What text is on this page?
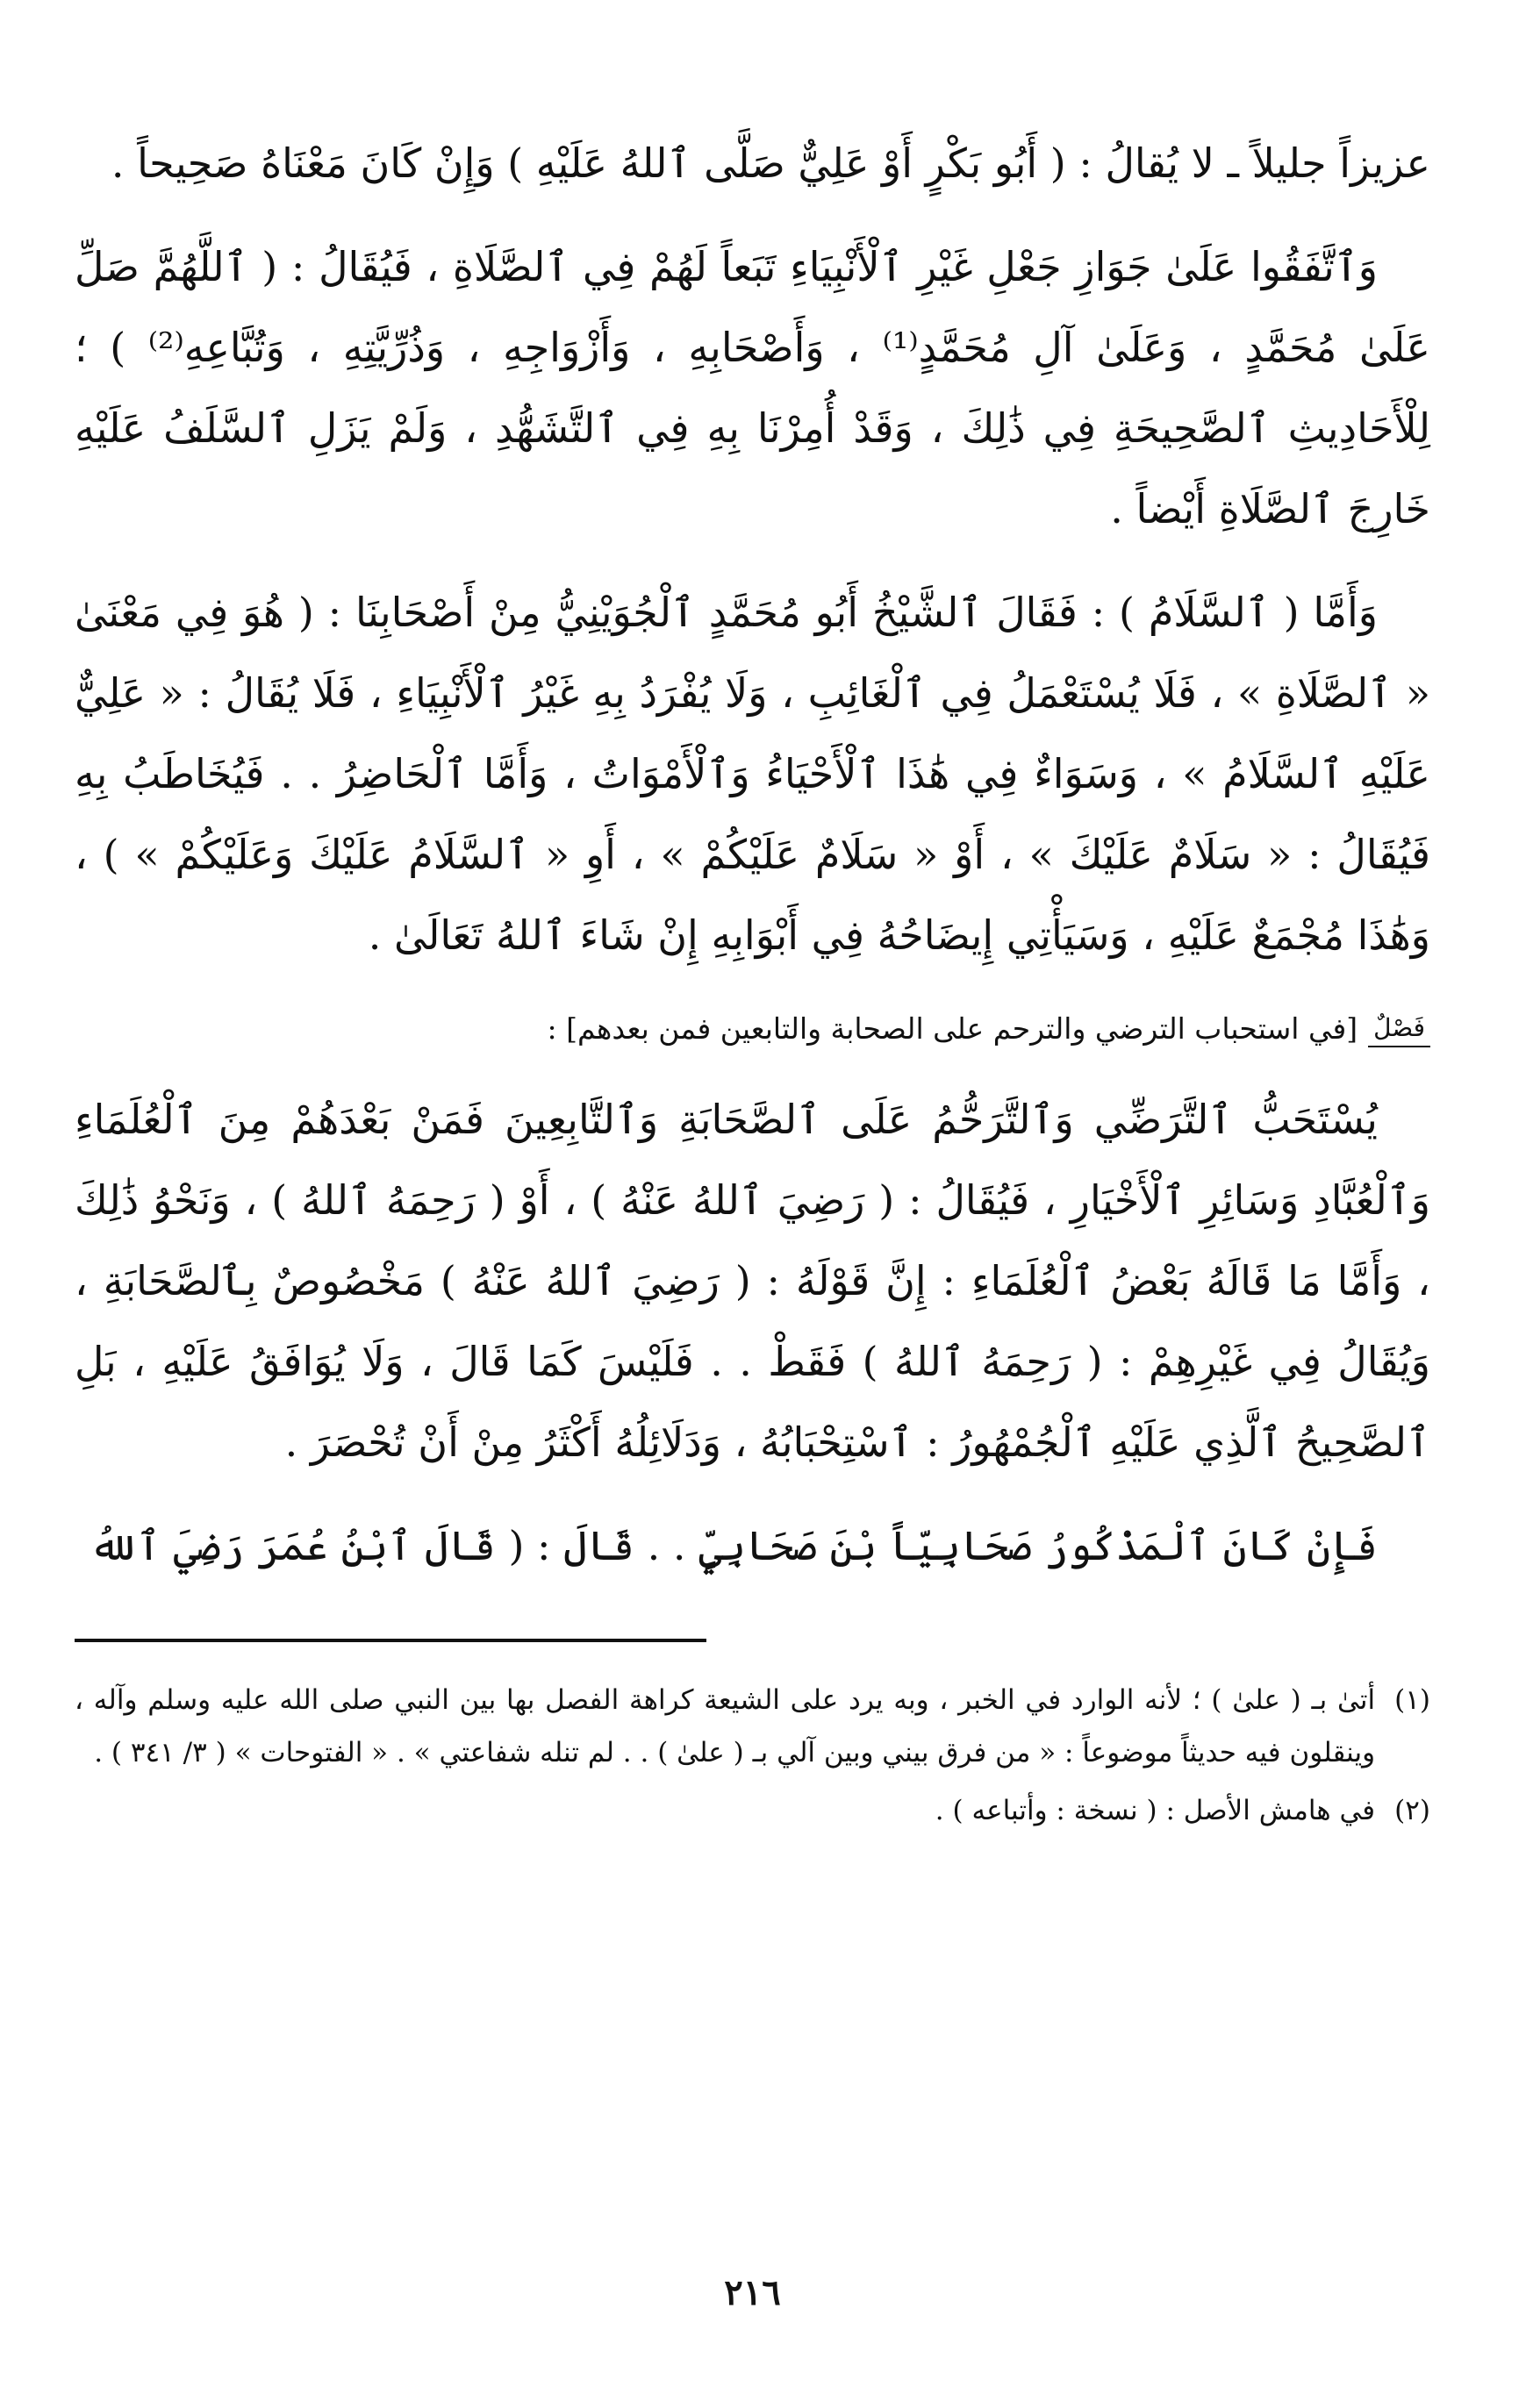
عزيزاً جليلاً ـ لا يُقالُ : ( أَبُو بَكْرٍ أَوْ عَلِيٌّ صَلَّى ٱللهُ عَلَيْهِ ) وَإِنْ كَانَ مَعْنَاهُ صَحِيحاً .

وَٱتَّفَقُوا عَلَىٰ جَوَازِ جَعْلِ غَيْرِ ٱلْأَنْبِيَاءِ تَبَعاً لَهُمْ فِي ٱلصَّلَاةِ ، فَيُقَالُ : ( ٱللَّهُمَّ صَلِّ عَلَىٰ مُحَمَّدٍ ، وَعَلَىٰ آلِ مُحَمَّدٍ⁽¹⁾ ، وَأَصْحَابِهِ ، وَأَزْوَاجِهِ ، وَذُرِّيَّتِهِ ، وَتُبَّاعِهِ⁽²⁾ ) ؛ لِلْأَحَادِيثِ ٱلصَّحِيحَةِ فِي ذَٰلِكَ ، وَقَدْ أُمِرْنَا بِهِ فِي ٱلتَّشَهُّدِ ، وَلَمْ يَزَلِ ٱلسَّلَفُ عَلَيْهِ خَارِجَ ٱلصَّلَاةِ أَيْضاً .

وَأَمَّا ( ٱلسَّلَامُ ) : فَقَالَ ٱلشَّيْخُ أَبُو مُحَمَّدٍ ٱلْجُوَيْنِيُّ مِنْ أَصْحَابِنَا : ( هُوَ فِي مَعْنَىٰ « ٱلصَّلَاةِ » ، فَلَا يُسْتَعْمَلُ فِي ٱلْغَائِبِ ، وَلَا يُفْرَدُ بِهِ غَيْرُ ٱلْأَنْبِيَاءِ ، فَلَا يُقَالُ : « عَلِيٌّ عَلَيْهِ ٱلسَّلَامُ » ، وَسَوَاءٌ فِي هَٰذَا ٱلْأَحْيَاءُ وَٱلْأَمْوَاتُ ، وَأَمَّا ٱلْحَاضِرُ . . فَيُخَاطَبُ بِهِ فَيُقَالُ : « سَلَامٌ عَلَيْكَ » ، أَوْ « سَلَامٌ عَلَيْكُمْ » ، أَوِ « ٱلسَّلَامُ عَلَيْكَ وَعَلَيْكُمْ » ) ، وَهَٰذَا مُجْمَعٌ عَلَيْهِ ، وَسَيَأْتِي إِيضَاحُهُ فِي أَبْوَابِهِ إِنْ شَاءَ ٱللهُ تَعَالَىٰ .

فَصْلٌ
[في استحباب الترضي والترحم على الصحابة والتابعين فمن بعدهم] :

يُسْتَحَبُّ ٱلتَّرَضِّي وَٱلتَّرَحُّمُ عَلَى ٱلصَّحَابَةِ وَٱلتَّابِعِينَ فَمَنْ بَعْدَهُمْ مِنَ ٱلْعُلَمَاءِ وَٱلْعُبَّادِ وَسَائِرِ ٱلْأَخْيَارِ ، فَيُقَالُ : ( رَضِيَ ٱللهُ عَنْهُ ) ، أَوْ ( رَحِمَهُ ٱللهُ ) ، وَنَحْوُ ذَٰلِكَ ، وَأَمَّا مَا قَالَهُ بَعْضُ ٱلْعُلَمَاءِ : إِنَّ قَوْلَهُ : ( رَضِيَ ٱللهُ عَنْهُ ) مَخْصُوصٌ بِٱلصَّحَابَةِ ، وَيُقَالُ فِي غَيْرِهِمْ : ( رَحِمَهُ ٱللهُ ) فَقَطْ . . فَلَيْسَ كَمَا قَالَ ، وَلَا يُوَافَقُ عَلَيْهِ ، بَلِ ٱلصَّحِيحُ ٱلَّذِي عَلَيْهِ ٱلْجُمْهُورُ : ٱسْتِحْبَابُهُ ، وَدَلَائِلُهُ أَكْثَرُ مِنْ أَنْ تُحْصَرَ .

فَإِنْ كَانَ ٱلْمَذْكُورُ صَحَابِيّاً بْنَ صَحَابِيٍّ . . قَالَ : ( قَالَ ٱبْنُ عُمَرَ رَضِيَ ٱللهُ

(١)
أتىٰ بـ ( علىٰ ) ؛ لأنه الوارد في الخبر ، وبه يرد على الشيعة كراهة الفصل بها بين النبي صلى الله عليه وسلم وآله ، وينقلون فيه حديثاً موضوعاً : « من فرق بيني وبين آلي بـ ( علىٰ ) . . لم تنله شفاعتي » . « الفتوحات » ( ٣/ ٣٤١ ) .
(٢)
في هامش الأصل : ( نسخة : وأتباعه ) .
٢١٦
